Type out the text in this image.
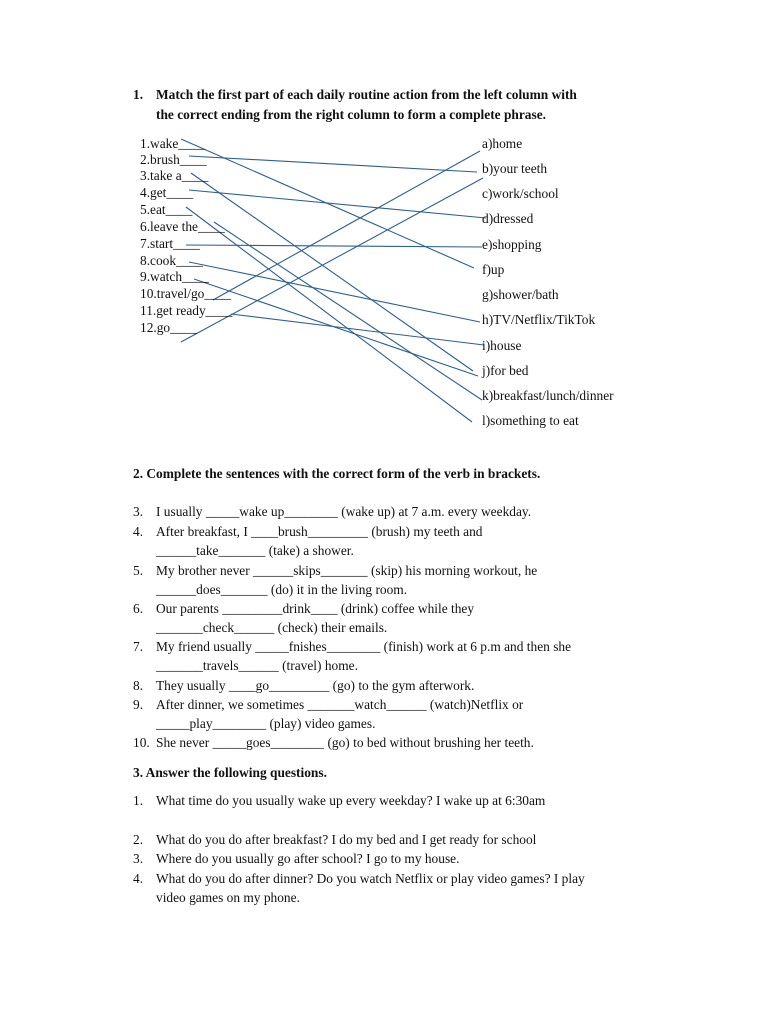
1. Match the first part of each daily routine action from the left column with
the correct ending from the right column to form a complete phrase.
1.wake____
2.brush____
3.take a____
4.get____
5.eat____
6.leave the____
7.start____
8.cook____
9.watch____
10.travel/go____
11.get ready____
12.go____
a)home
b)your teeth
c)work/school
d)dressed
e)shopping
f)up
g)shower/bath
h)TV/Netflix/TikTok
i)house
j)for bed
k)breakfast/lunch/dinner
l)something to eat
2. Complete the sentences with the correct form of the verb in brackets.
3. I usually _____wake up________ (wake up) at 7 a.m. every weekday.
4. After breakfast, I ____brush_________ (brush) my teeth and
______take_______ (take) a shower.
5. My brother never ______skips_______ (skip) his morning workout, he
______does_______ (do) it in the living room.
6. Our parents _________drink____ (drink) coffee while they
_______check______ (check) their emails.
7. My friend usually _____fnishes________ (finish) work at 6 p.m and then she
_______travels______ (travel) home.
8. They usually ____go_________ (go) to the gym afterwork.
9. After dinner, we sometimes _______watch______ (watch)Netflix or
_____play________ (play) video games.
10. She never _____goes________ (go) to bed without brushing her teeth.
3. Answer the following questions.
1. What time do you usually wake up every weekday? I wake up at 6:30am
2. What do you do after breakfast? I do my bed and I get ready for school
3. Where do you usually go after school? I go to my house.
4. What do you do after dinner? Do you watch Netflix or play video games? I play
video games on my phone.
